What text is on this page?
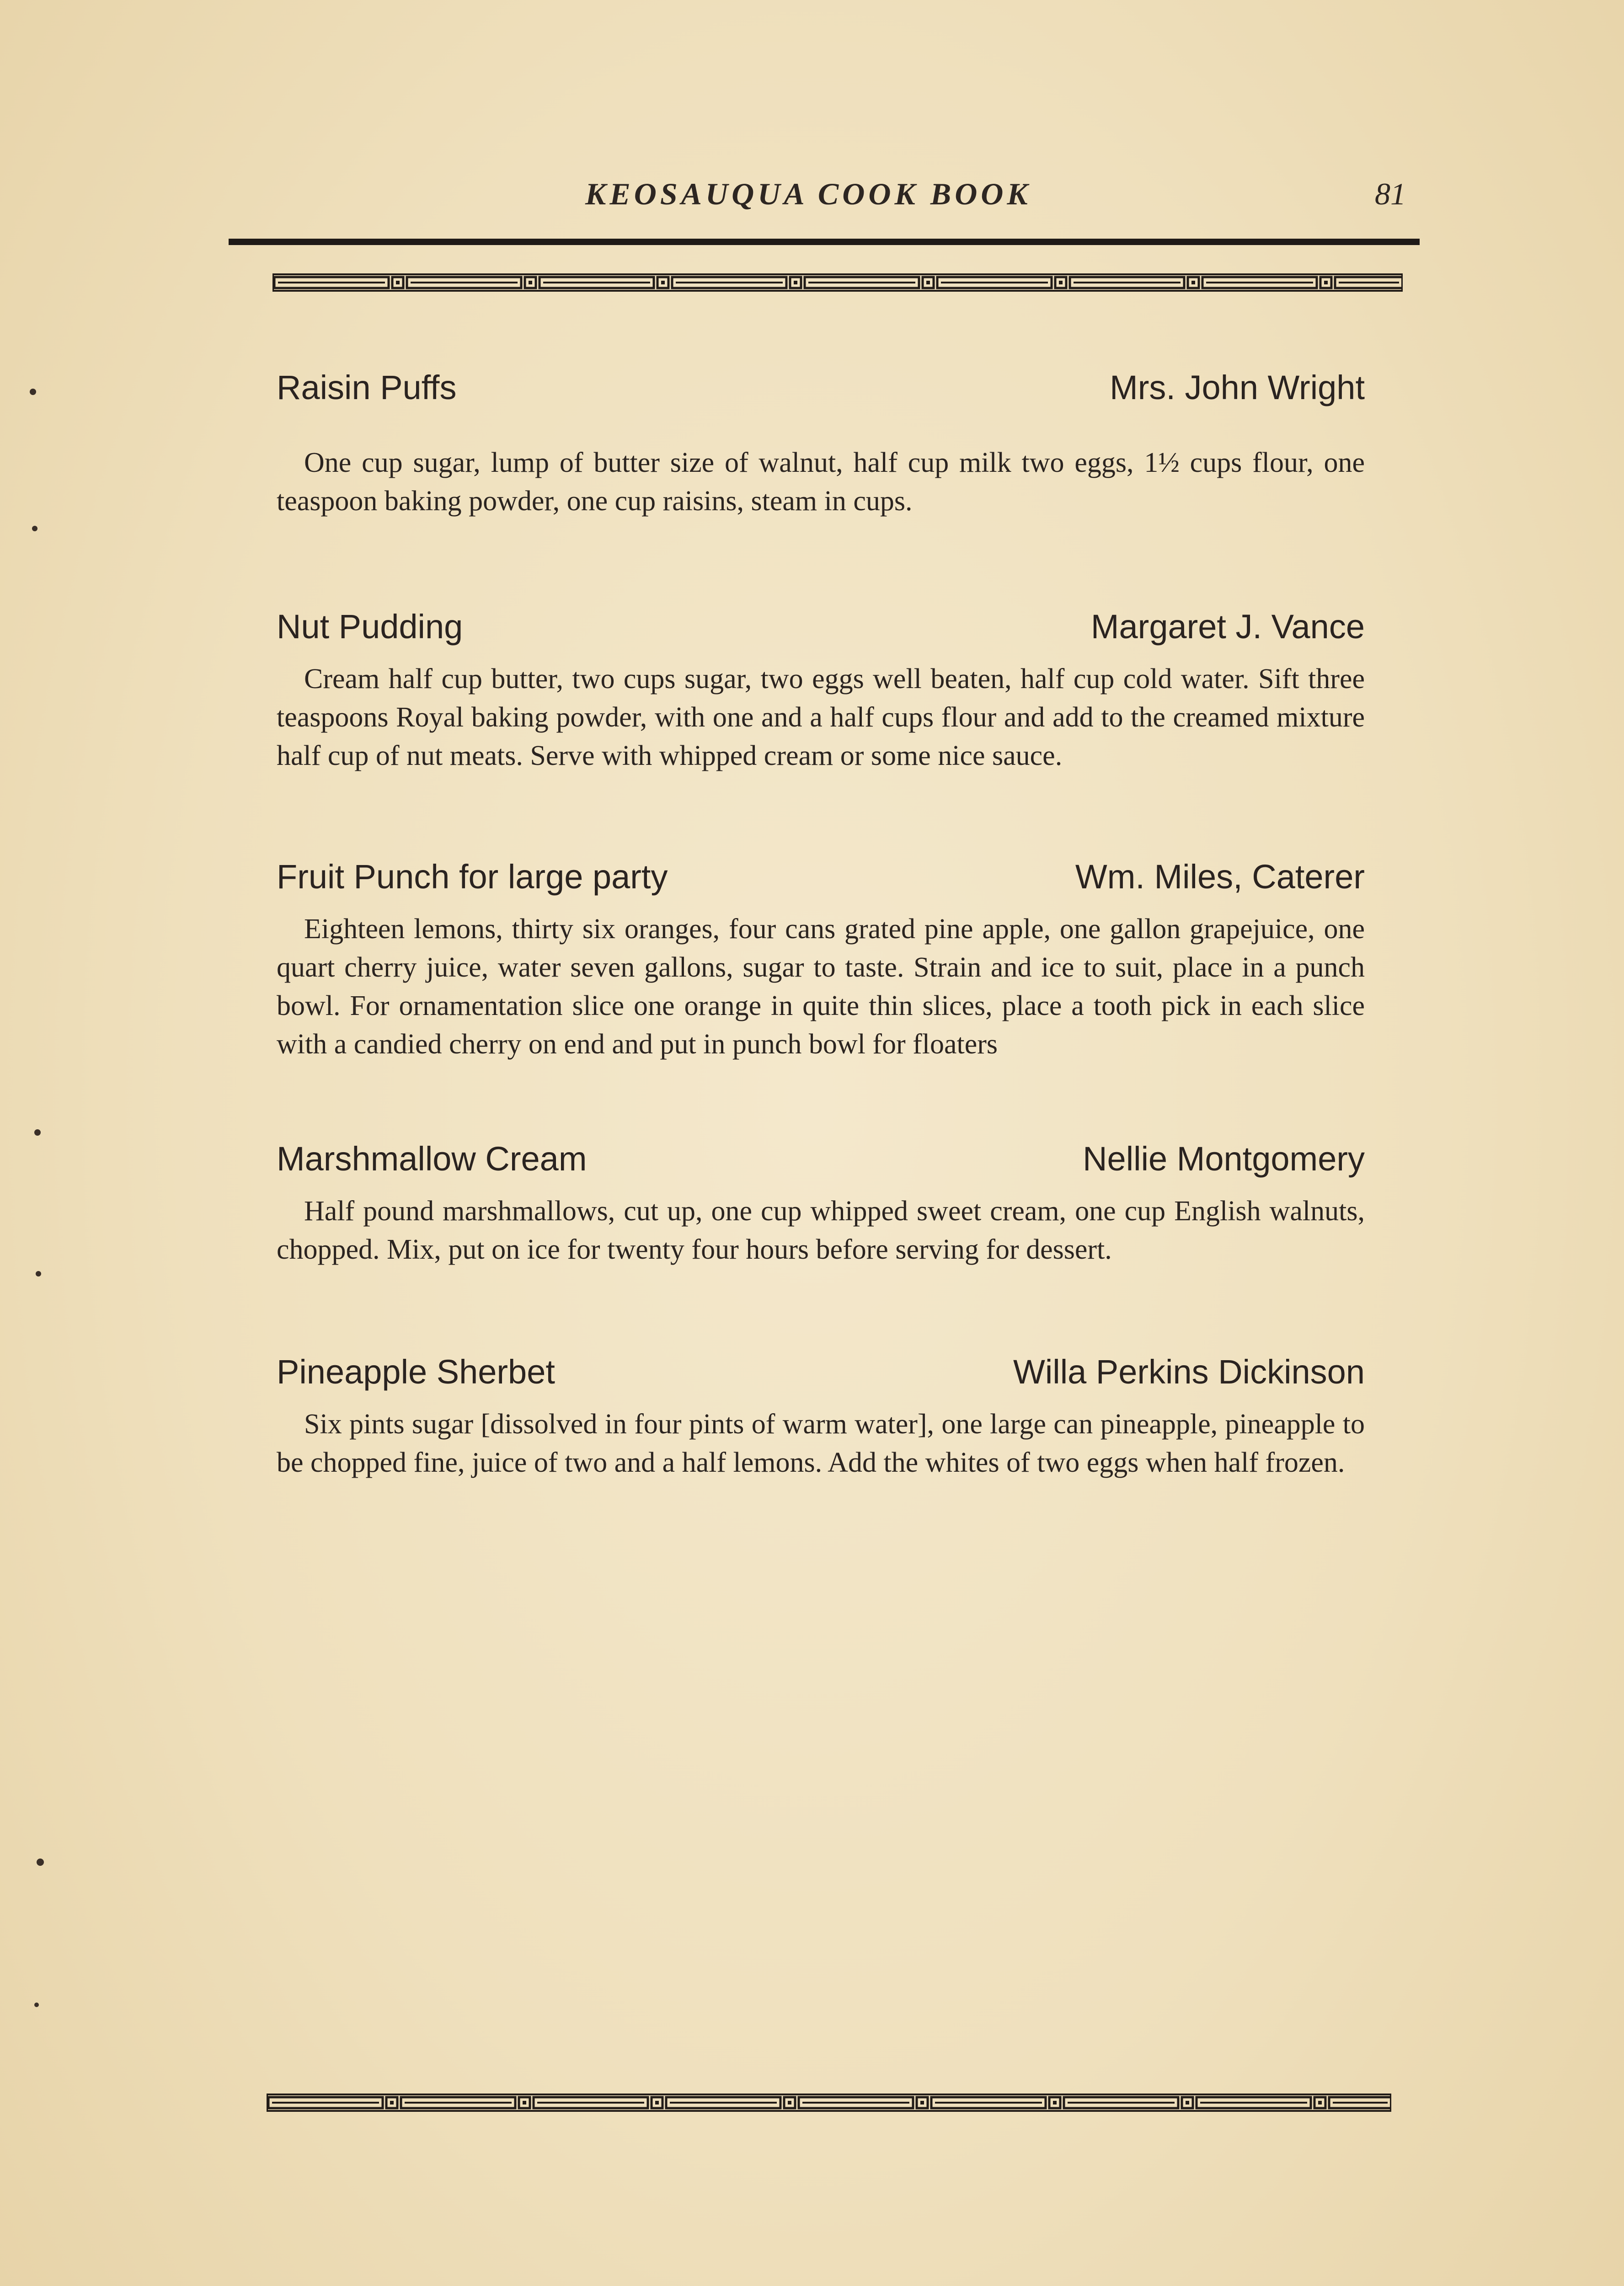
KEOSAUQUA COOK BOOK	81
Raisin Puffs	Mrs. John Wright

One cup sugar, lump of butter size of walnut, half cup milk two eggs, 1½ cups flour, one teaspoon baking powder, one cup raisins, steam in cups.

Nut Pudding	Margaret J. Vance

Cream half cup butter, two cups sugar, two eggs well beaten, half cup cold water. Sift three teaspoons Royal baking powder, with one and a half cups flour and add to the creamed mixture half cup of nut meats. Serve with whipped cream or some nice sauce.

Fruit Punch for large party	Wm. Miles, Caterer

Eighteen lemons, thirty six oranges, four cans grated pine apple, one gallon grapejuice, one quart cherry juice, water seven gallons, sugar to taste. Strain and ice to suit, place in a punch bowl. For ornamentation slice one orange in quite thin slices, place a tooth pick in each slice with a candied cherry on end and put in punch bowl for floaters

Marshmallow Cream	Nellie Montgomery

Half pound marshmallows, cut up, one cup whipped sweet cream, one cup English walnuts, chopped. Mix, put on ice for twenty four hours before serving for dessert.

Pineapple Sherbet	Willa Perkins Dickinson

Six pints sugar [dissolved in four pints of warm water], one large can pineapple, pineapple to be chopped fine, juice of two and a half lemons. Add the whites of two eggs when half frozen.
